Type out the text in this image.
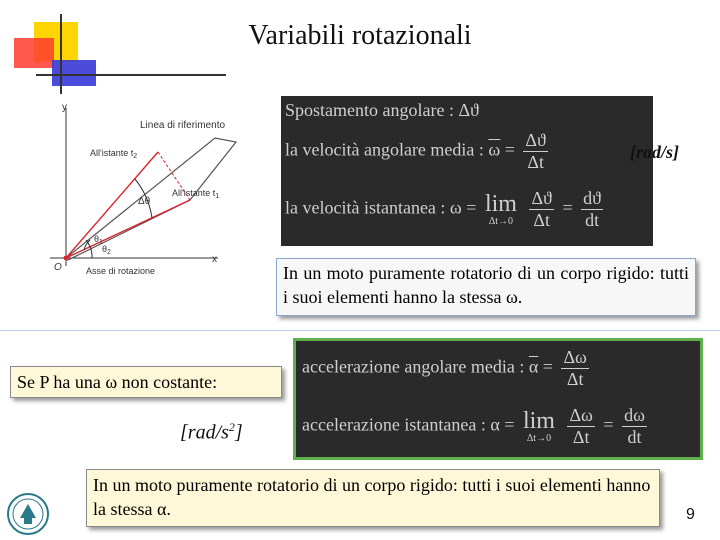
Variabili rotazionali
y
x
O
Linea di riferimento
All'istante $t_2$
All'istante $t_1$
Δθ
$\theta_1$
$\theta_2$
Asse di rotazione
Spostamento angolare : Δϑ
la velocità angolare media : $\overline{\omega} = \frac{\Delta ϑ}{\Delta t}$
la velocità istantanea : ω = lim
Δt→0
$\frac{\Delta ϑ}{\Delta t} = \frac{dϑ}{dt}$
[rad/s]
In un moto puramente rotatorio di un corpo rigido: tutti i suoi elementi hanno la stessa ω.
Se P ha una ω non costante:
accelerazione angolare media : $\overline{\alpha} = \frac{\Delta\omega}{\Delta t}$
accelerazione istantanea : α = lim
Δt→0
$\frac{\Delta\omega}{\Delta t} = \frac{d\omega}{dt}$
$[rad/s^2]$
In un moto puramente rotatorio di un corpo rigido: tutti i suoi elementi hanno la stessa α.	9
